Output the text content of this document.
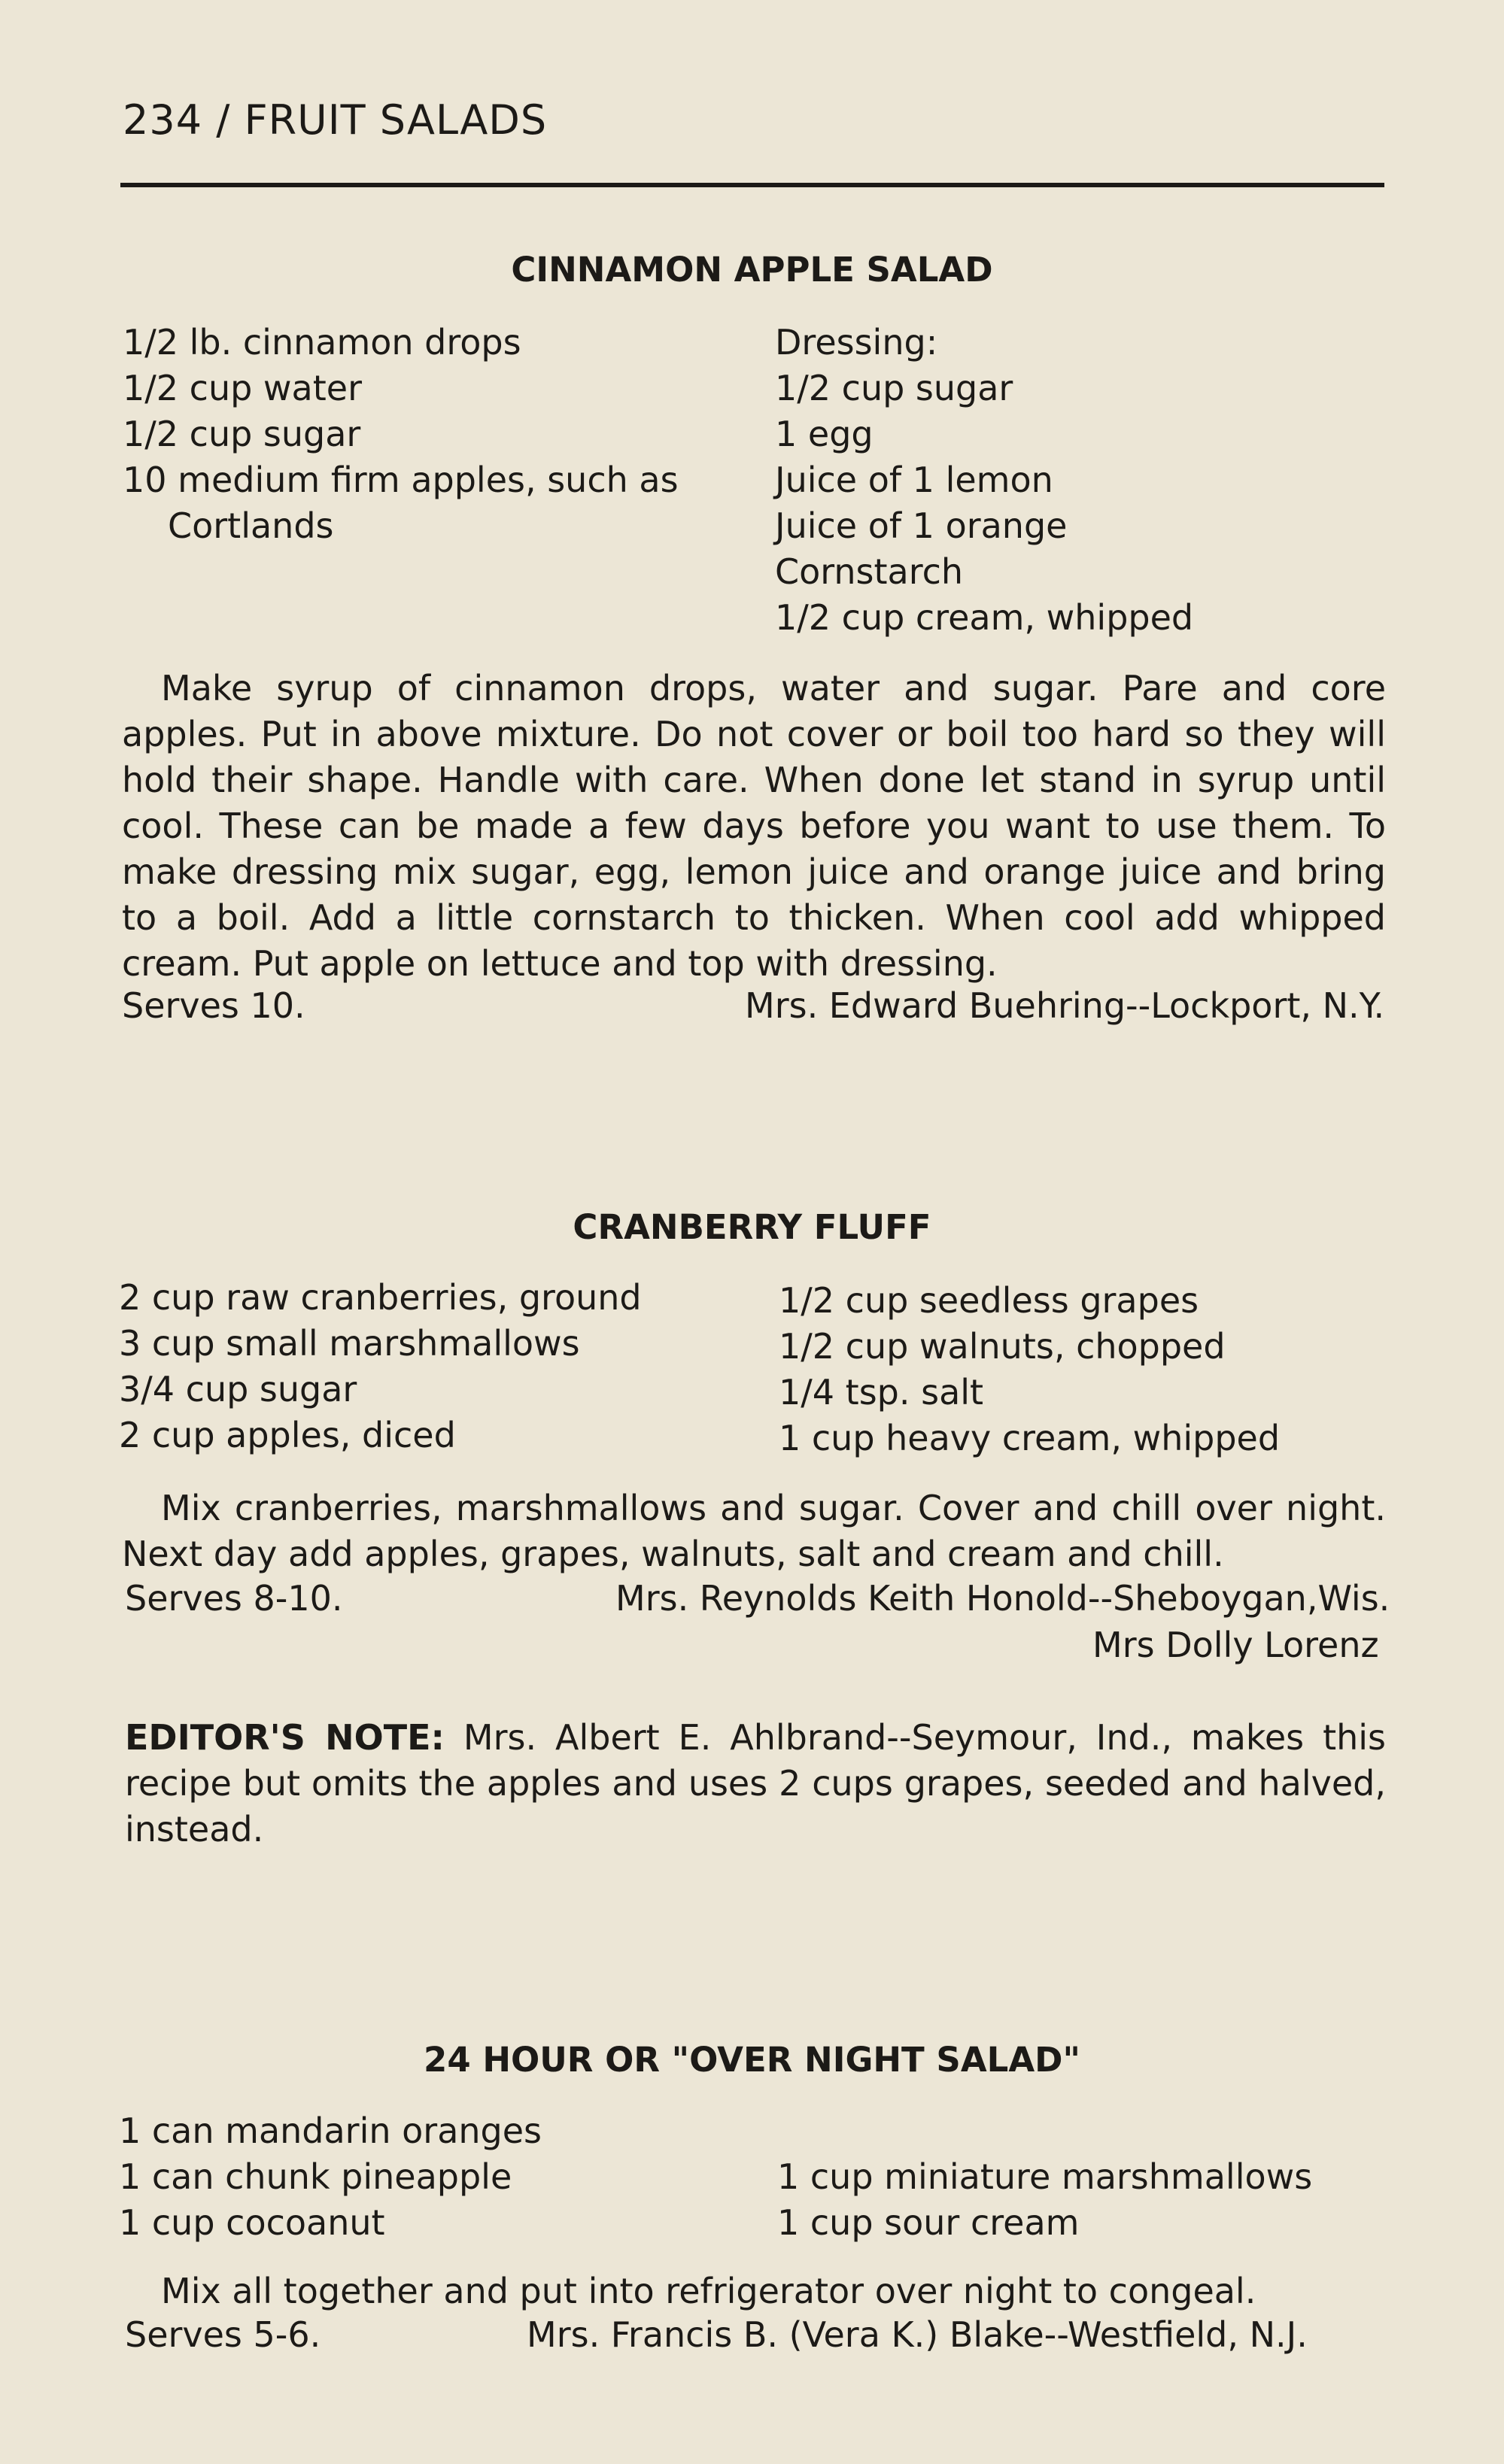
234 / FRUIT SALADS
CINNAMON APPLE SALAD
1/2 lb. cinnamon drops
1/2 cup water
1/2 cup sugar
10 medium firm apples, such as
Cortlands
Dressing:
1/2 cup sugar
1 egg
Juice of 1 lemon
Juice of 1 orange
Cornstarch
1/2 cup cream, whipped

Make syrup of cinnamon drops, water and sugar. Pare and core apples. Put in above mixture. Do not cover or boil too hard so they will hold their shape. Handle with care. When done let stand in syrup until cool. These can be made a few days before you want to use them. To make dressing mix sugar, egg, lemon juice and orange juice and bring to a boil. Add a little cornstarch to thicken. When cool add whipped cream. Put apple on lettuce and top with dressing.

Serves 10.	Mrs. Edward Buehring--Lockport, N.Y.
CRANBERRY FLUFF
2 cup raw cranberries, ground
3 cup small marshmallows
3/4 cup sugar
2 cup apples, diced
1/2 cup seedless grapes
1/2 cup walnuts, chopped
1/4 tsp. salt
1 cup heavy cream, whipped

Mix cranberries, marshmallows and sugar. Cover and chill over night. Next day add apples, grapes, walnuts, salt and cream and chill.

Serves 8-10.	Mrs. Reynolds Keith Honold--Sheboygan,Wis.
Mrs Dolly Lorenz
EDITOR'S NOTE: Mrs. Albert E. Ahlbrand--Seymour, Ind., makes this recipe but omits the apples and uses 2 cups grapes, seeded and halved, instead.
24 HOUR OR "OVER NIGHT SALAD"
1 can mandarin oranges
1 can chunk pineapple
1 cup cocoanut
1 cup miniature marshmallows
1 cup sour cream

Mix all together and put into refrigerator over night to congeal.

Serves 5-6.	Mrs. Francis B. (Vera K.) Blake--Westfield, N.J.
